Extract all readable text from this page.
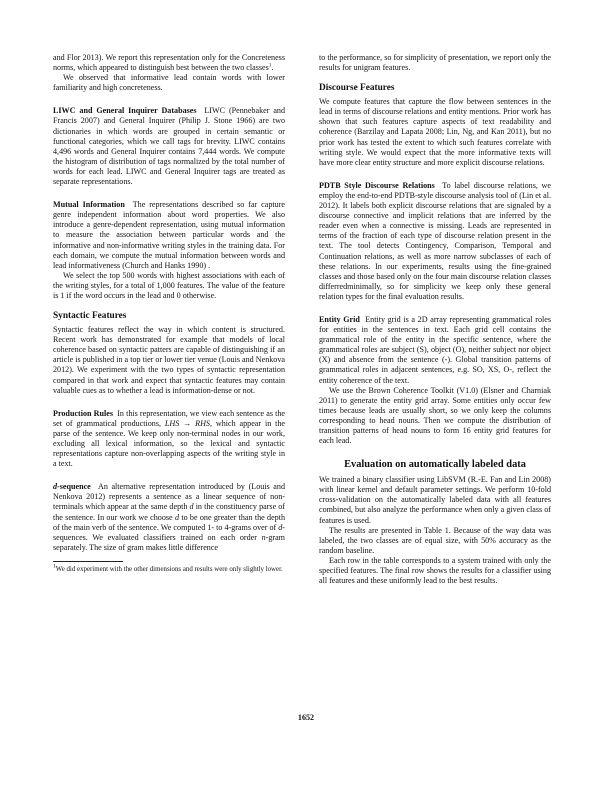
and Flor 2013). We report this representation only for the Concreteness norms, which appeared to distinguish best between the two classes$^1$.

We observed that informative lead contain words with lower familiarity and high concreteness.

LIWC and General Inquirer Databases LIWC (Pennebaker and Francis 2007) and General Inquirer (Philip J. Stone 1966) are two dictionaries in which words are grouped in certain semantic or functional categories, which we call tags for brevity. LIWC contains 4,496 words and General Inquirer contains 7,444 words. We compute the histogram of distribution of tags normalized by the total number of words for each lead. LIWC and General Inquirer tags are treated as separate representations.

Mutual Information The representations described so far capture genre independent information about word properties. We also introduce a genre-dependent representation, using mutual information to measure the association between particular words and the informative and non-informative writing styles in the training data. For each domain, we compute the mutual information between words and lead informativeness (Church and Hanks 1990) .

We select the top 500 words with highest associations with each of the writing styles, for a total of 1,000 features. The value of the feature is 1 if the word occurs in the lead and 0 otherwise.

Syntactic Features

Syntactic features reflect the way in which content is structured. Recent work has demonstrated for example that models of local coherence based on syntactic patters are capable of distinguishing if an article is published in a top tier or lower tier venue (Louis and Nenkova 2012). We experiment with the two types of syntactic representation compared in that work and expect that syntactic features may contain valuable cues as to whether a lead is information-dense or not.

Production Rules In this representation, we view each sentence as the set of grammatical productions, LHS → RHS, which appear in the parse of the sentence. We keep only non-terminal nodes in our work, excluding all lexical information, so the lexical and syntactic representations capture non-overlapping aspects of the writing style in a text.

d-sequence An alternative representation introduced by (Louis and Nenkova 2012) represents a sentence as a linear sequence of non-terminals which appear at the same depth d in the constituency parse of the sentence. In our work we choose d to be one greater than the depth of the main verb of the sentence. We computed 1- to 4-grams over of d-sequences. We evaluated classifiers trained on each order n-gram separately. The size of gram makes little difference

$^1$We did experiment with the other dimensions and results were only slightly lower.

to the performance, so for simplicity of presentation, we report only the results for unigram features.

Discourse Features

We compute features that capture the flow between sentences in the lead in terms of discourse relations and entity mentions. Prior work has shown that such features capture aspects of text readability and coherence (Barzilay and Lapata 2008; Lin, Ng, and Kan 2011), but no prior work has tested the extent to which such features correlate with writing style. We would expect that the more informative texts will have more clear entity structure and more explicit discourse relations.

PDTB Style Discourse Relations To label discourse relations, we employ the end-to-end PDTB-style discourse analysis tool of (Lin et al. 2012). It labels both explicit discourse relations that are signaled by a discourse connective and implicit relations that are inferred by the reader even when a connective is missing. Leads are represented in terms of the fraction of each type of discourse relation present in the text. The tool detects Contingency, Comparison, Temporal and Continuation relations, as well as more narrow subclasses of each of these relations. In our experiments, results using the fine-grained classes and those based only on the four main discourse relation classes differredminimally, so for simplicity we keep only these general relation types for the final evaluation results.

Entity Grid Entity grid is a 2D array representing grammatical roles for entities in the sentences in text. Each grid cell contains the grammatical role of the entity in the specific sentence, where the grammatical roles are subject (S), object (O), neither subject nor object (X) and absence from the sentence (-). Global transition patterns of grammatical roles in adjacent sentences, e.g. SO, XS, O-, reflect the entity coherence of the text.

We use the Brown Coherence Toolkit (V1.0) (Elsner and Charniak 2011) to generate the entity grid array. Some entities only occur few times because leads are usually short, so we only keep the columns corresponding to head nouns. Then we compute the distribution of transition patterns of head nouns to form 16 entity grid features for each lead.

Evaluation on automatically labeled data

We trained a binary classifier using LibSVM (R.-E. Fan and Lin 2008) with linear kernel and default parameter settings. We perform 10-fold cross-validation on the automatically labeled data with all features combined, but also analyze the performance when only a given class of features is used.

The results are presented in Table 1. Because of the way data was labeled, the two classes are of equal size, with 50% accuracy as the random baseline.

Each row in the table corresponds to a system trained with only the specified features. The final row shows the results for a classifier using all features and these uniformly lead to the best results.

1652
